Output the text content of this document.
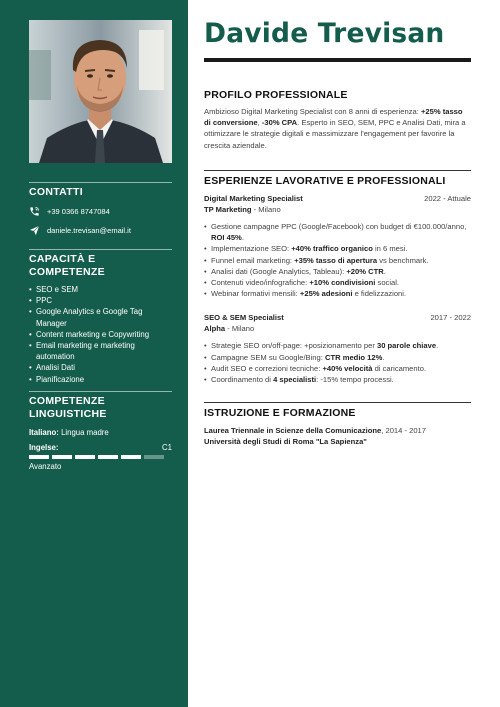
CONTATTI
+39 0366 8747084
daniele.trevisan@email.it
CAPACITÀ E COMPETENZE
• SEO e SEM
• PPC
• Google Analytics e Google Tag Manager
• Content marketing e Copywriting
• Email marketing e marketing automation
• Analisi Dati
• Pianificazione
COMPETENZE LINGUISTICHE
Italiano: Lingua madre
Ingelse:	C1
Avanzato
Davide Trevisan
PROFILO PROFESSIONALE
Ambizioso Digital Marketing Specialist con 8 anni di esperienza: +25% tasso di conversione, -30% CPA. Esperto in SEO, SEM, PPC e Analisi Dati, mira a ottimizzare le strategie digitali e massimizzare l'engagement per favorire la crescita aziendale.
ESPERIENZE LAVORATIVE E PROFESSIONALI
Digital Marketing Specialist	2022 - Attuale
TP Marketing - Milano
• Gestione campagne PPC (Google/Facebook) con budget di €100.000/anno, ROI 45%.
• Implementazione SEO: +40% traffico organico in 6 mesi.
• Funnel email marketing: +35% tasso di apertura vs benchmark.
• Analisi dati (Google Analytics, Tableau): +20% CTR.
• Contenuti video/infografiche: +10% condivisioni social.
• Webinar formativi mensili: +25% adesioni e fidelizzazioni.
SEO & SEM Specialist	2017 - 2022
Alpha - Milano
• Strategie SEO on/off-page: +posizionamento per 30 parole chiave.
• Campagne SEM su Google/Bing: CTR medio 12%.
• Audit SEO e correzioni tecniche: +40% velocità di caricamento.
• Coordinamento di 4 specialisti: -15% tempo processi.
ISTRUZIONE E FORMAZIONE
Laurea Triennale in Scienze della Comunicazione, 2014 - 2017
Università degli Studi di Roma "La Sapienza"
